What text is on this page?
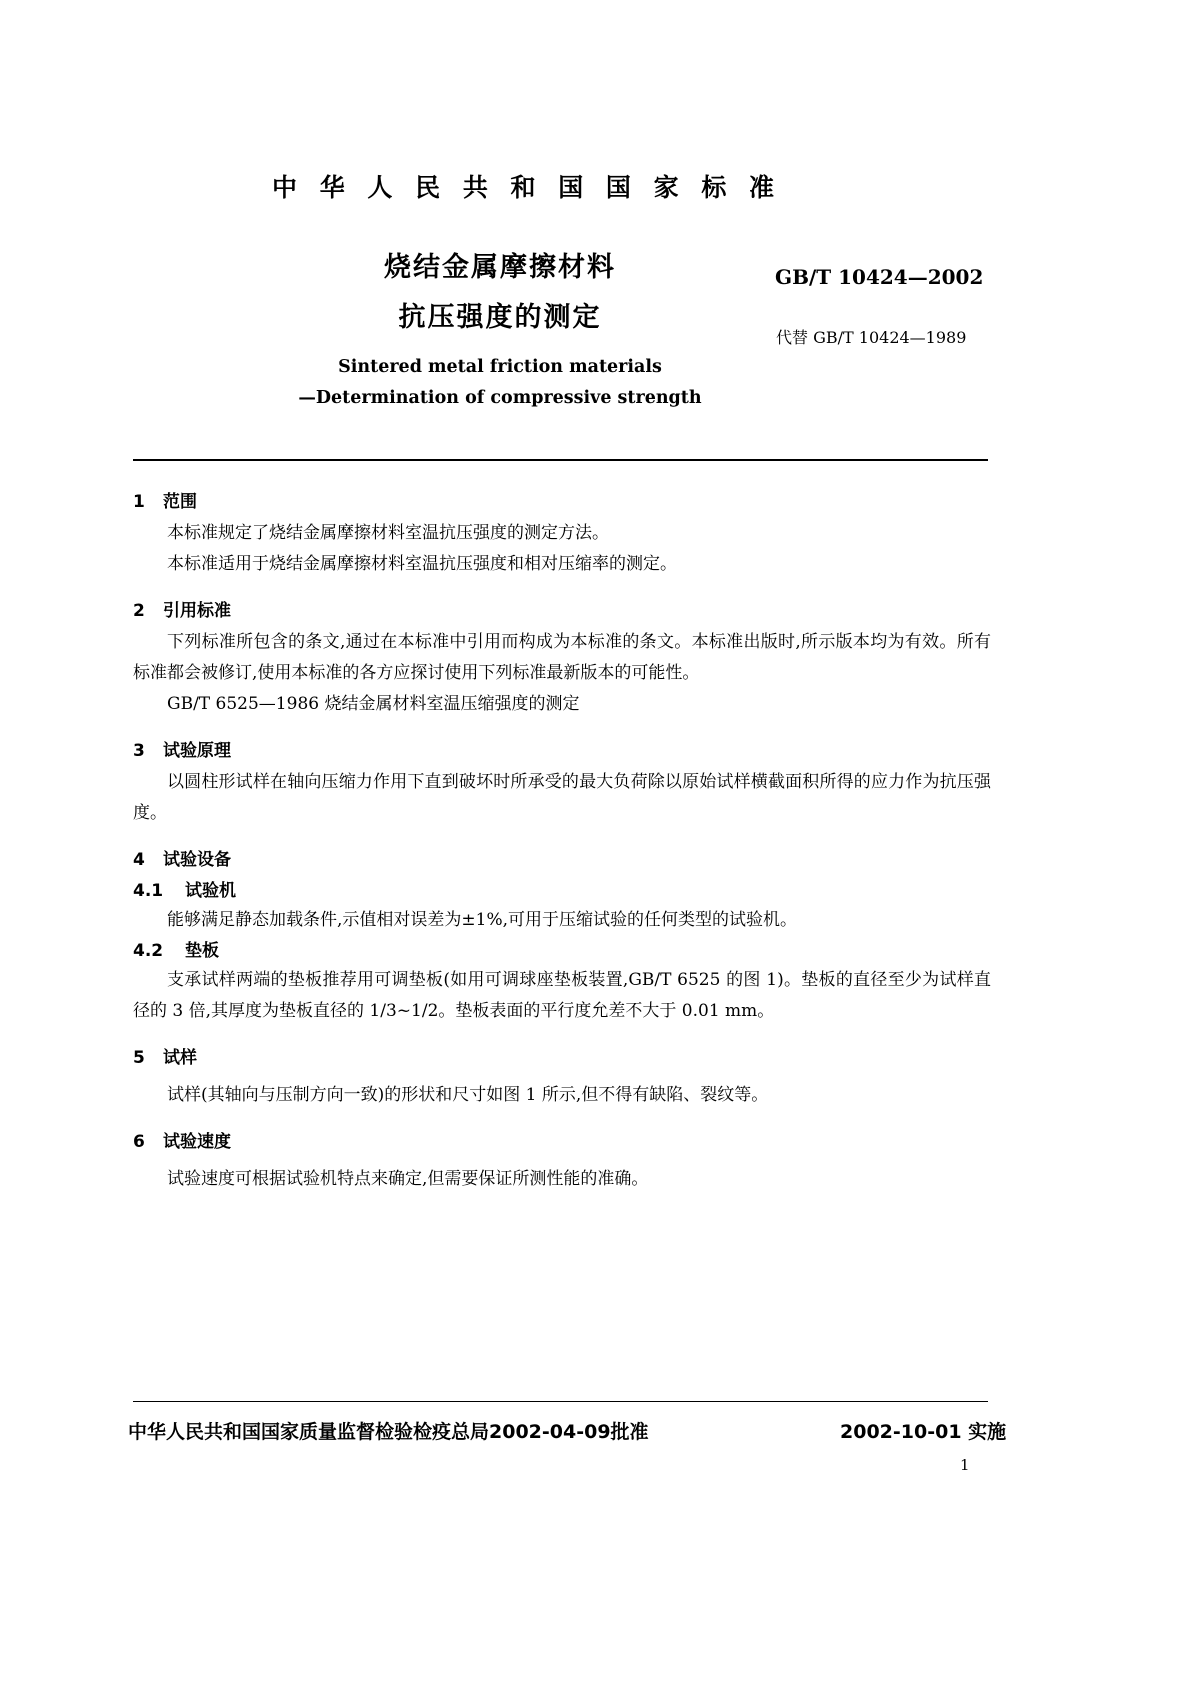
中 华 人 民 共 和 国 国 家 标 准
烧结金属摩擦材料
抗压强度的测定
GB/T 10424—2002
代替 GB/T 10424—1989
Sintered metal friction materials
—Determination of compressive strength
1 范围

本标准规定了烧结金属摩擦材料室温抗压强度的测定方法。

本标准适用于烧结金属摩擦材料室温抗压强度和相对压缩率的测定。

2 引用标准

下列标准所包含的条文,通过在本标准中引用而构成为本标准的条文。本标准出版时,所示版本均为有效。所有标准都会被修订,使用本标准的各方应探讨使用下列标准最新版本的可能性。

GB/T 6525—1986 烧结金属材料室温压缩强度的测定

3 试验原理

以圆柱形试样在轴向压缩力作用下直到破坏时所承受的最大负荷除以原始试样横截面积所得的应力作为抗压强度。

4 试验设备
4.1 试验机

能够满足静态加载条件,示值相对误差为±1%,可用于压缩试验的任何类型的试验机。

4.2 垫板

支承试样两端的垫板推荐用可调垫板(如用可调球座垫板装置,GB/T 6525 的图 1)。垫板的直径至少为试样直径的 3 倍,其厚度为垫板直径的 1/3~1/2。垫板表面的平行度允差不大于 0.01 mm。

5 试样

试样(其轴向与压制方向一致)的形状和尺寸如图 1 所示,但不得有缺陷、裂纹等。

6 试验速度

试验速度可根据试验机特点来确定,但需要保证所测性能的准确。

中华人民共和国国家质量监督检验检疫总局2002-04-09批准	2002-10-01 实施
1
